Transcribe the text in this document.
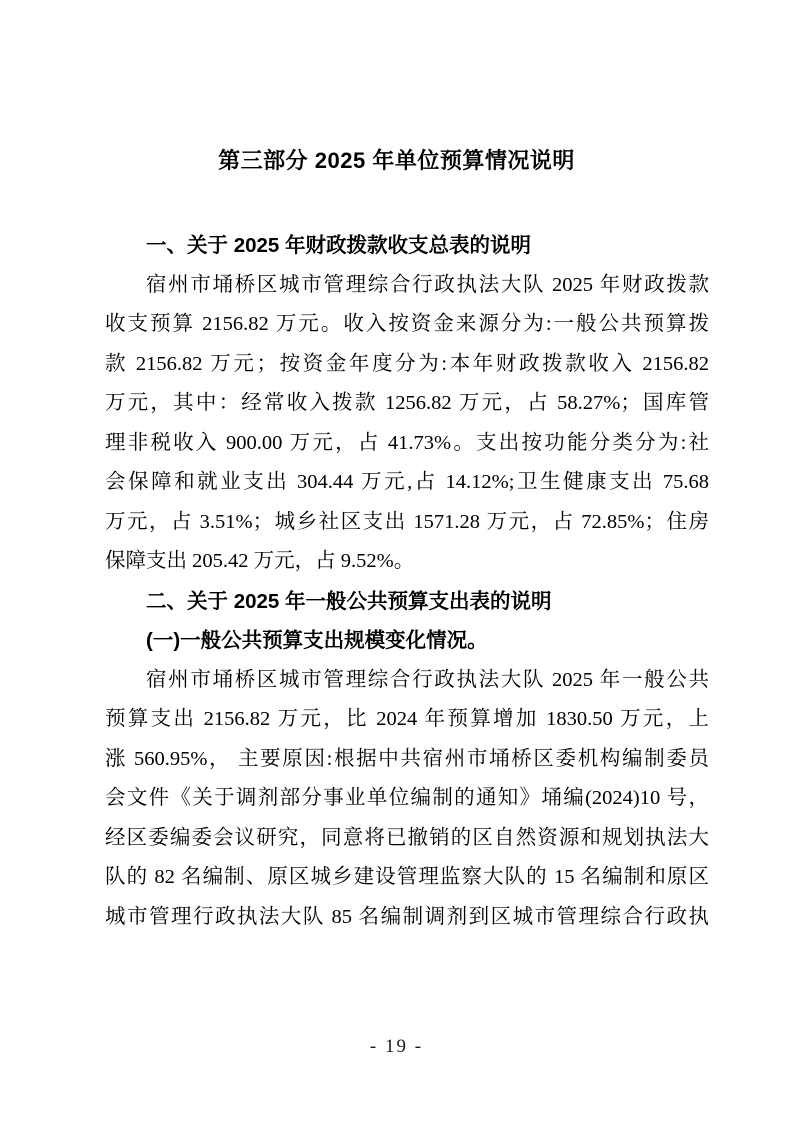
第三部分 2025 年单位预算情况说明
一、关于 2025 年财政拨款收支总表的说明
宿州市埇桥区城市管理综合行政执法大队 2025 年财政拨款
收支预算 2156.82 万元。收入按资金来源分为:一般公共预算拨
款 2156.82 万元；按资金年度分为:本年财政拨款收入 2156.82
万元，其中：经常收入拨款 1256.82 万元，占 58.27%；国库管
理非税收入 900.00 万元，占 41.73%。支出按功能分类分为:社
会保障和就业支出 304.44 万元,占 14.12%;卫生健康支出 75.68
万元，占 3.51%；城乡社区支出 1571.28 万元，占 72.85%；住房
保障支出 205.42 万元，占 9.52%。
二、关于 2025 年一般公共预算支出表的说明
(一)一般公共预算支出规模变化情况。
宿州市埇桥区城市管理综合行政执法大队 2025 年一般公共
预算支出 2156.82 万元，比 2024 年预算增加 1830.50 万元，上
涨 560.95%， 主要原因:根据中共宿州市埇桥区委机构编制委员
会文件《关于调剂部分事业单位编制的通知》埇编(2024)10 号，
经区委编委会议研究，同意将已撤销的区自然资源和规划执法大
队的 82 名编制、原区城乡建设管理监察大队的 15 名编制和原区
城市管理行政执法大队 85 名编制调剂到区城市管理综合行政执
- 19 -
